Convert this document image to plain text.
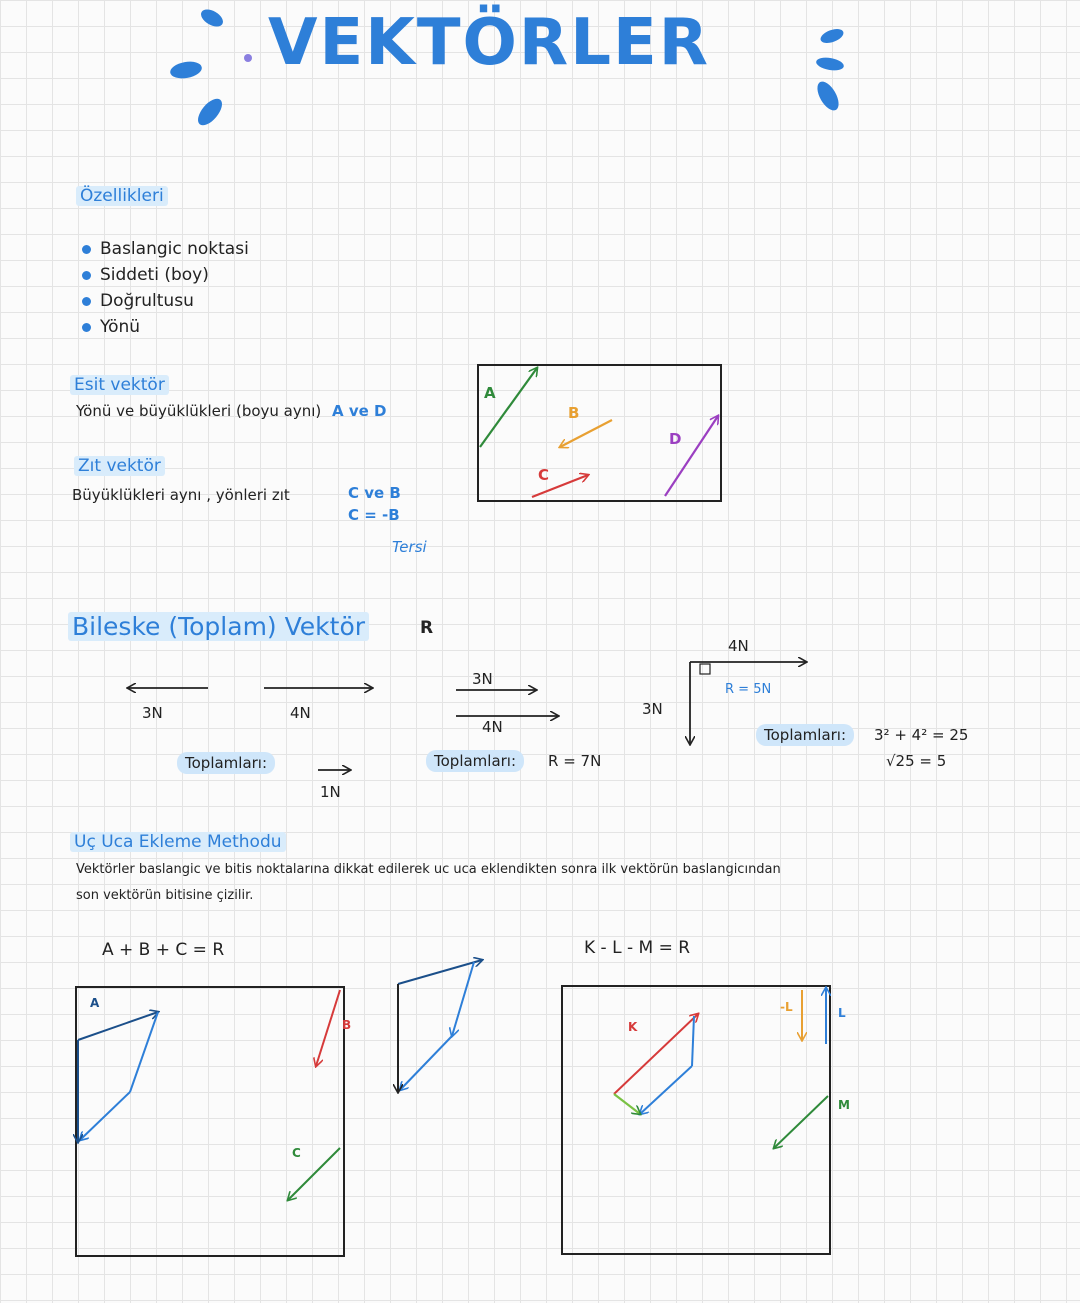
VEKTÖRLER
Özellikleri
Baslangic noktasi
Siddeti (boy)
Doğrultusu
Yönü
Esit vektör
Yönü ve büyüklükleri (boyu aynı) A ve D
Zıt vektör
Büyüklükleri aynı , yönleri zıt	C ve B
C = -B
Tersi
A
B
C
D
Bileske (Toplam) Vektör	R
3N	4N
Toplamları:
1N
3N
4N
Toplamları:	R = 7N
4N
3N
R = 5N
Toplamları:	3² + 4² = 25
√25 = 5
Uç Uca Ekleme Methodu
Vektörler baslangic ve bitis noktalarına dikkat edilerek uc uca eklendikten sonra ilk vektörün baslangicından
son vektörün bitisine çizilir.
A + B + C = R	K - L - M = R
A
B
C
K
-L	L
M
